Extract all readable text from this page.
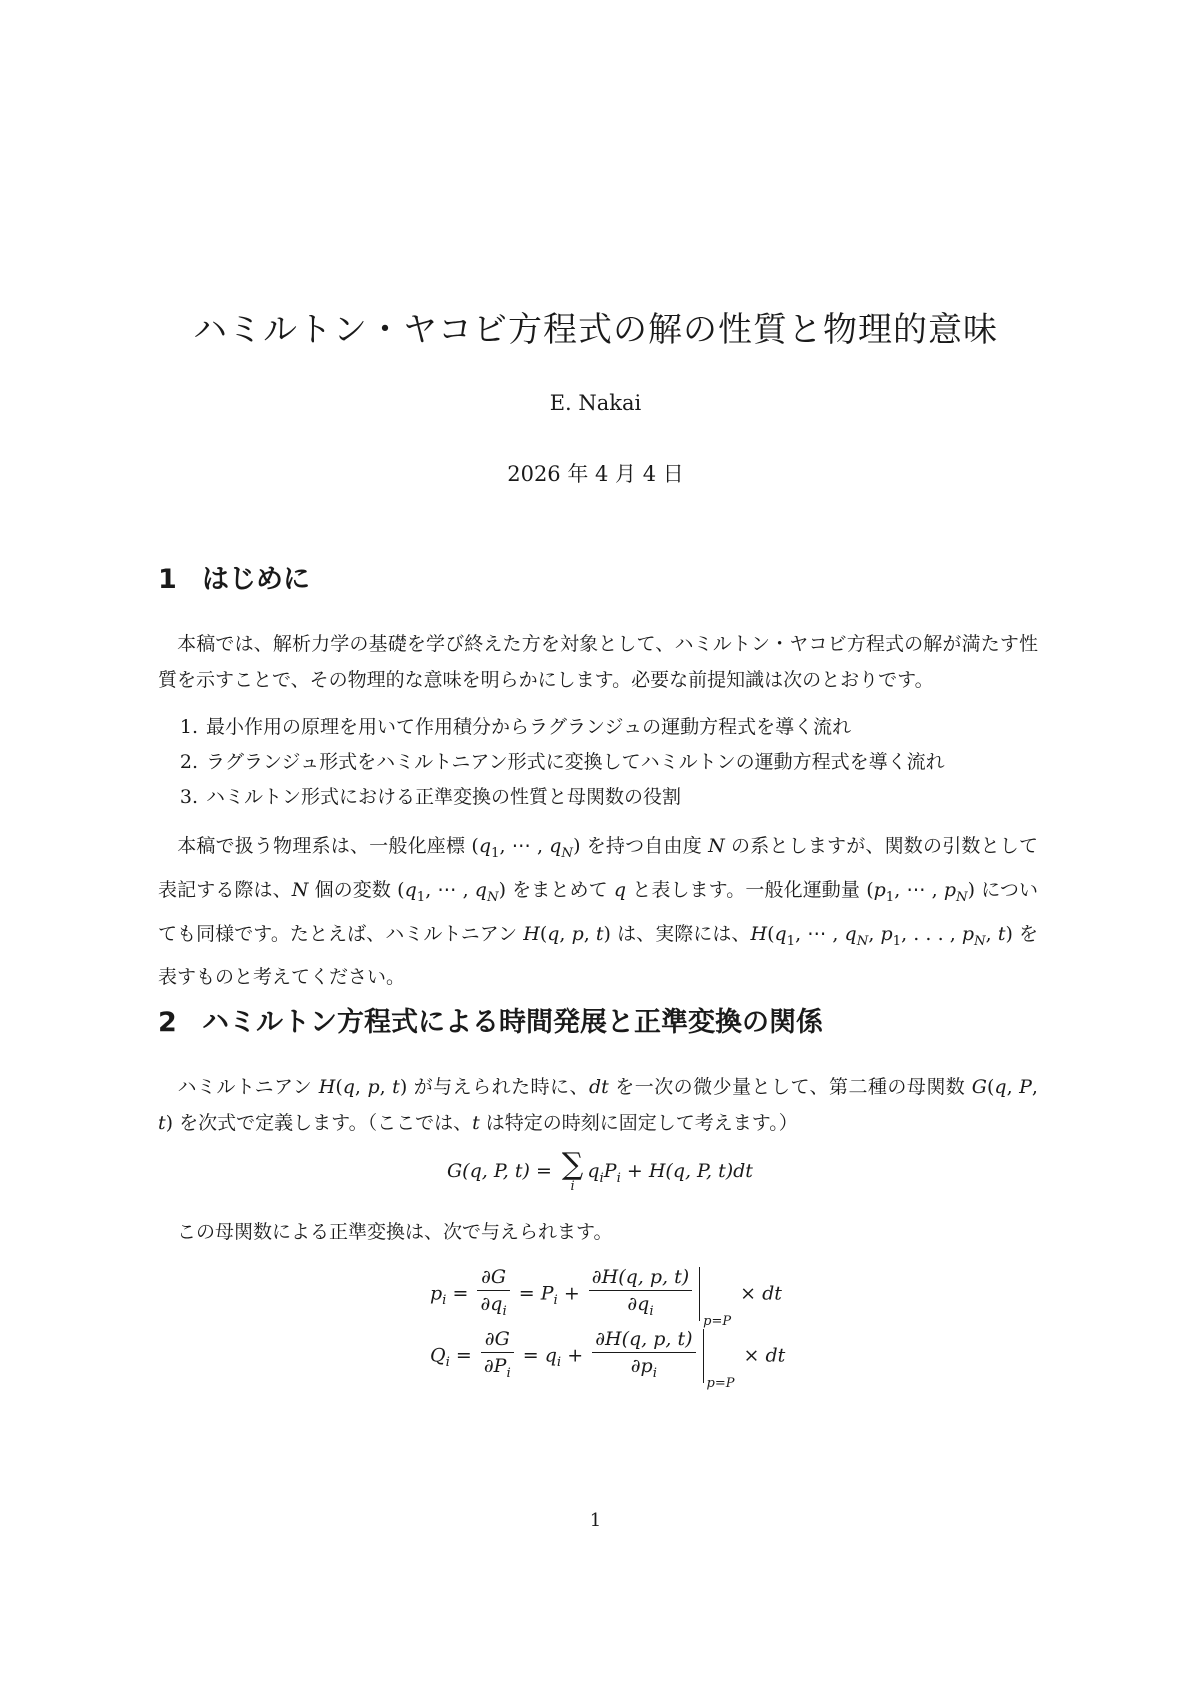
ハミルトン・ヤコビ方程式の解の性質と物理的意味
E. Nakai
2026 年 4 月 4 日
1 はじめに
本稿では、解析力学の基礎を学び終えた方を対象として、ハミルトン・ヤコビ方程式の解が満たす性質を示すことで、その物理的な意味を明らかにします。必要な前提知識は次のとおりです。
1. 最小作用の原理を用いて作用積分からラグランジュの運動方程式を導く流れ
2. ラグランジュ形式をハミルトニアン形式に変換してハミルトンの運動方程式を導く流れ
3. ハミルトン形式における正準変換の性質と母関数の役割
本稿で扱う物理系は、一般化座標 ($q_1$, ⋯ , $q_N$) を持つ自由度 N の系としますが、関数の引数として表記する際は、N 個の変数 ($q_1$, ⋯ , $q_N$) をまとめて q と表します。一般化運動量 ($p_1$, ⋯ , $p_N$) についても同様です。たとえば、ハミルトニアン H(q, p, t) は、実際には、$H(q_1$, ⋯ , $q_N$, $p_1$, . . . , $p_N$, t) を表すものと考えてください。
2 ハミルトン方程式による時間発展と正準変換の関係
ハミルトニアン H(q, p, t) が与えられた時に、dt を一次の微少量として、第二種の母関数 G(q, P, t) を次式で定義します。（ここでは、t は特定の時刻に固定して考えます。）
G(q, P, t) = ∑
i
$q_iP_i + H(q$, P, t)dt
この母関数による正準変換は、次で与えられます。
$p_i = \frac{\partial G}{\partial q_i} = P_i + \frac{\partial H(q, p, t)}{\partial q_i} p=P$
× dt
$Q_i = \frac{\partial G}{\partial P_i} = q_i + \frac{\partial H(q, p, t)}{\partial p_i} p=P$
× dt
1
